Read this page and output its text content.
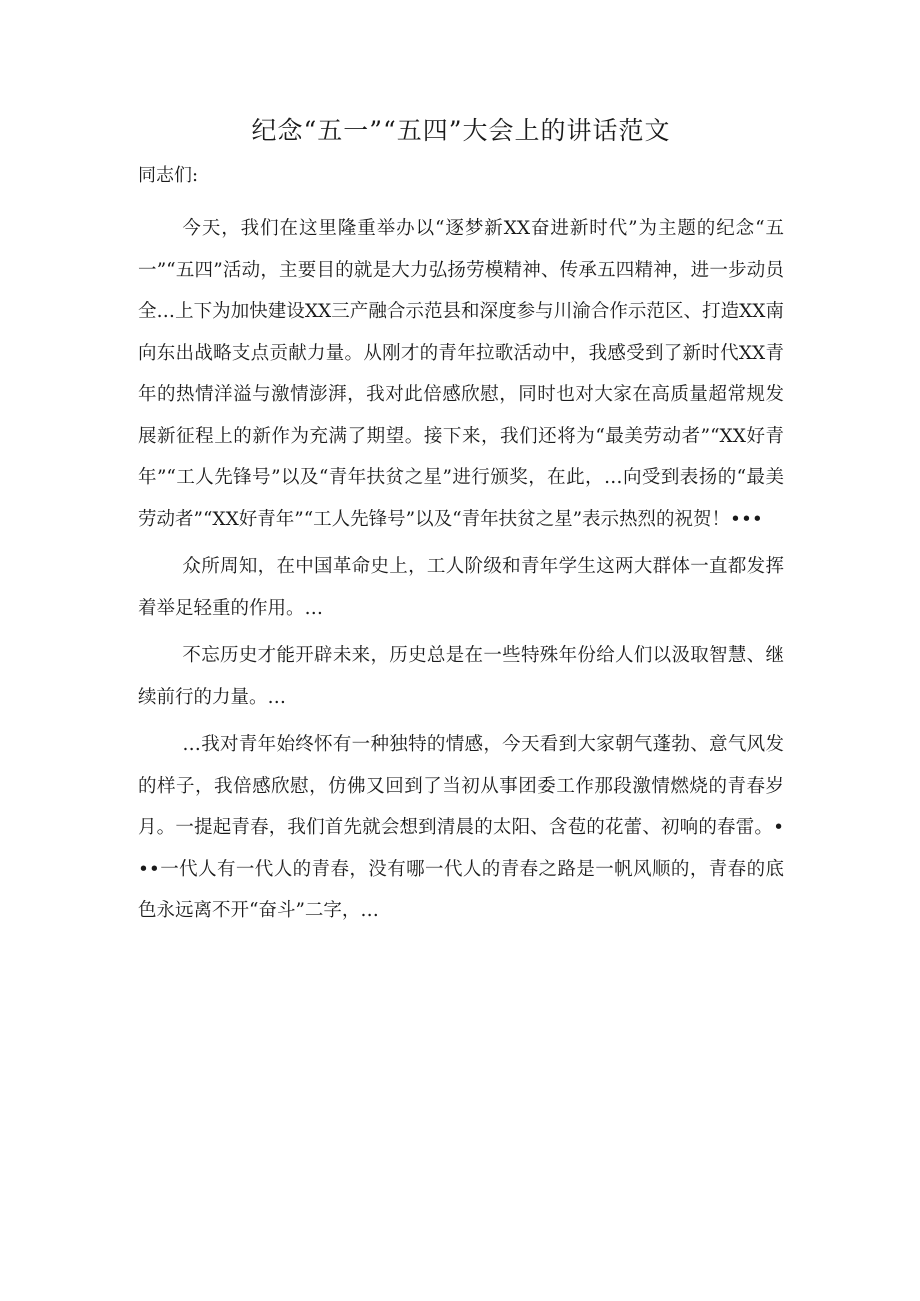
纪念“五一”“五四”大会上的讲话范文

同志们:

今天，我们在这里隆重举办以“逐梦新XX奋进新时代”为主题的纪念“五一”“五四”活动，主要目的就是大力弘扬劳模精神、传承五四精神，进一步动员全…上下为加快建设XX三产融合示范县和深度参与川渝合作示范区、打造XX南向东出战略支点贡献力量。从刚才的青年拉歌活动中，我感受到了新时代XX青年的热情洋溢与激情澎湃，我对此倍感欣慰，同时也对大家在高质量超常规发展新征程上的新作为充满了期望。接下来，我们还将为“最美劳动者”“XX好青年”“工人先锋号”以及“青年扶贫之星”进行颁奖，在此，…向受到表扬的“最美劳动者”“XX好青年”“工人先锋号”以及“青年扶贫之星”表示热烈的祝贺！•••

众所周知，在中国革命史上，工人阶级和青年学生这两大群体一直都发挥着举足轻重的作用。…

不忘历史才能开辟未来，历史总是在一些特殊年份给人们以汲取智慧、继续前行的力量。…

…我对青年始终怀有一种独特的情感，今天看到大家朝气蓬勃、意气风发的样子，我倍感欣慰，仿佛又回到了当初从事团委工作那段激情燃烧的青春岁月。一提起青春，我们首先就会想到清晨的太阳、含苞的花蕾、初响的春雷。•••一代人有一代人的青春，没有哪一代人的青春之路是一帆风顺的，青春的底色永远离不开“奋斗”二字，…
